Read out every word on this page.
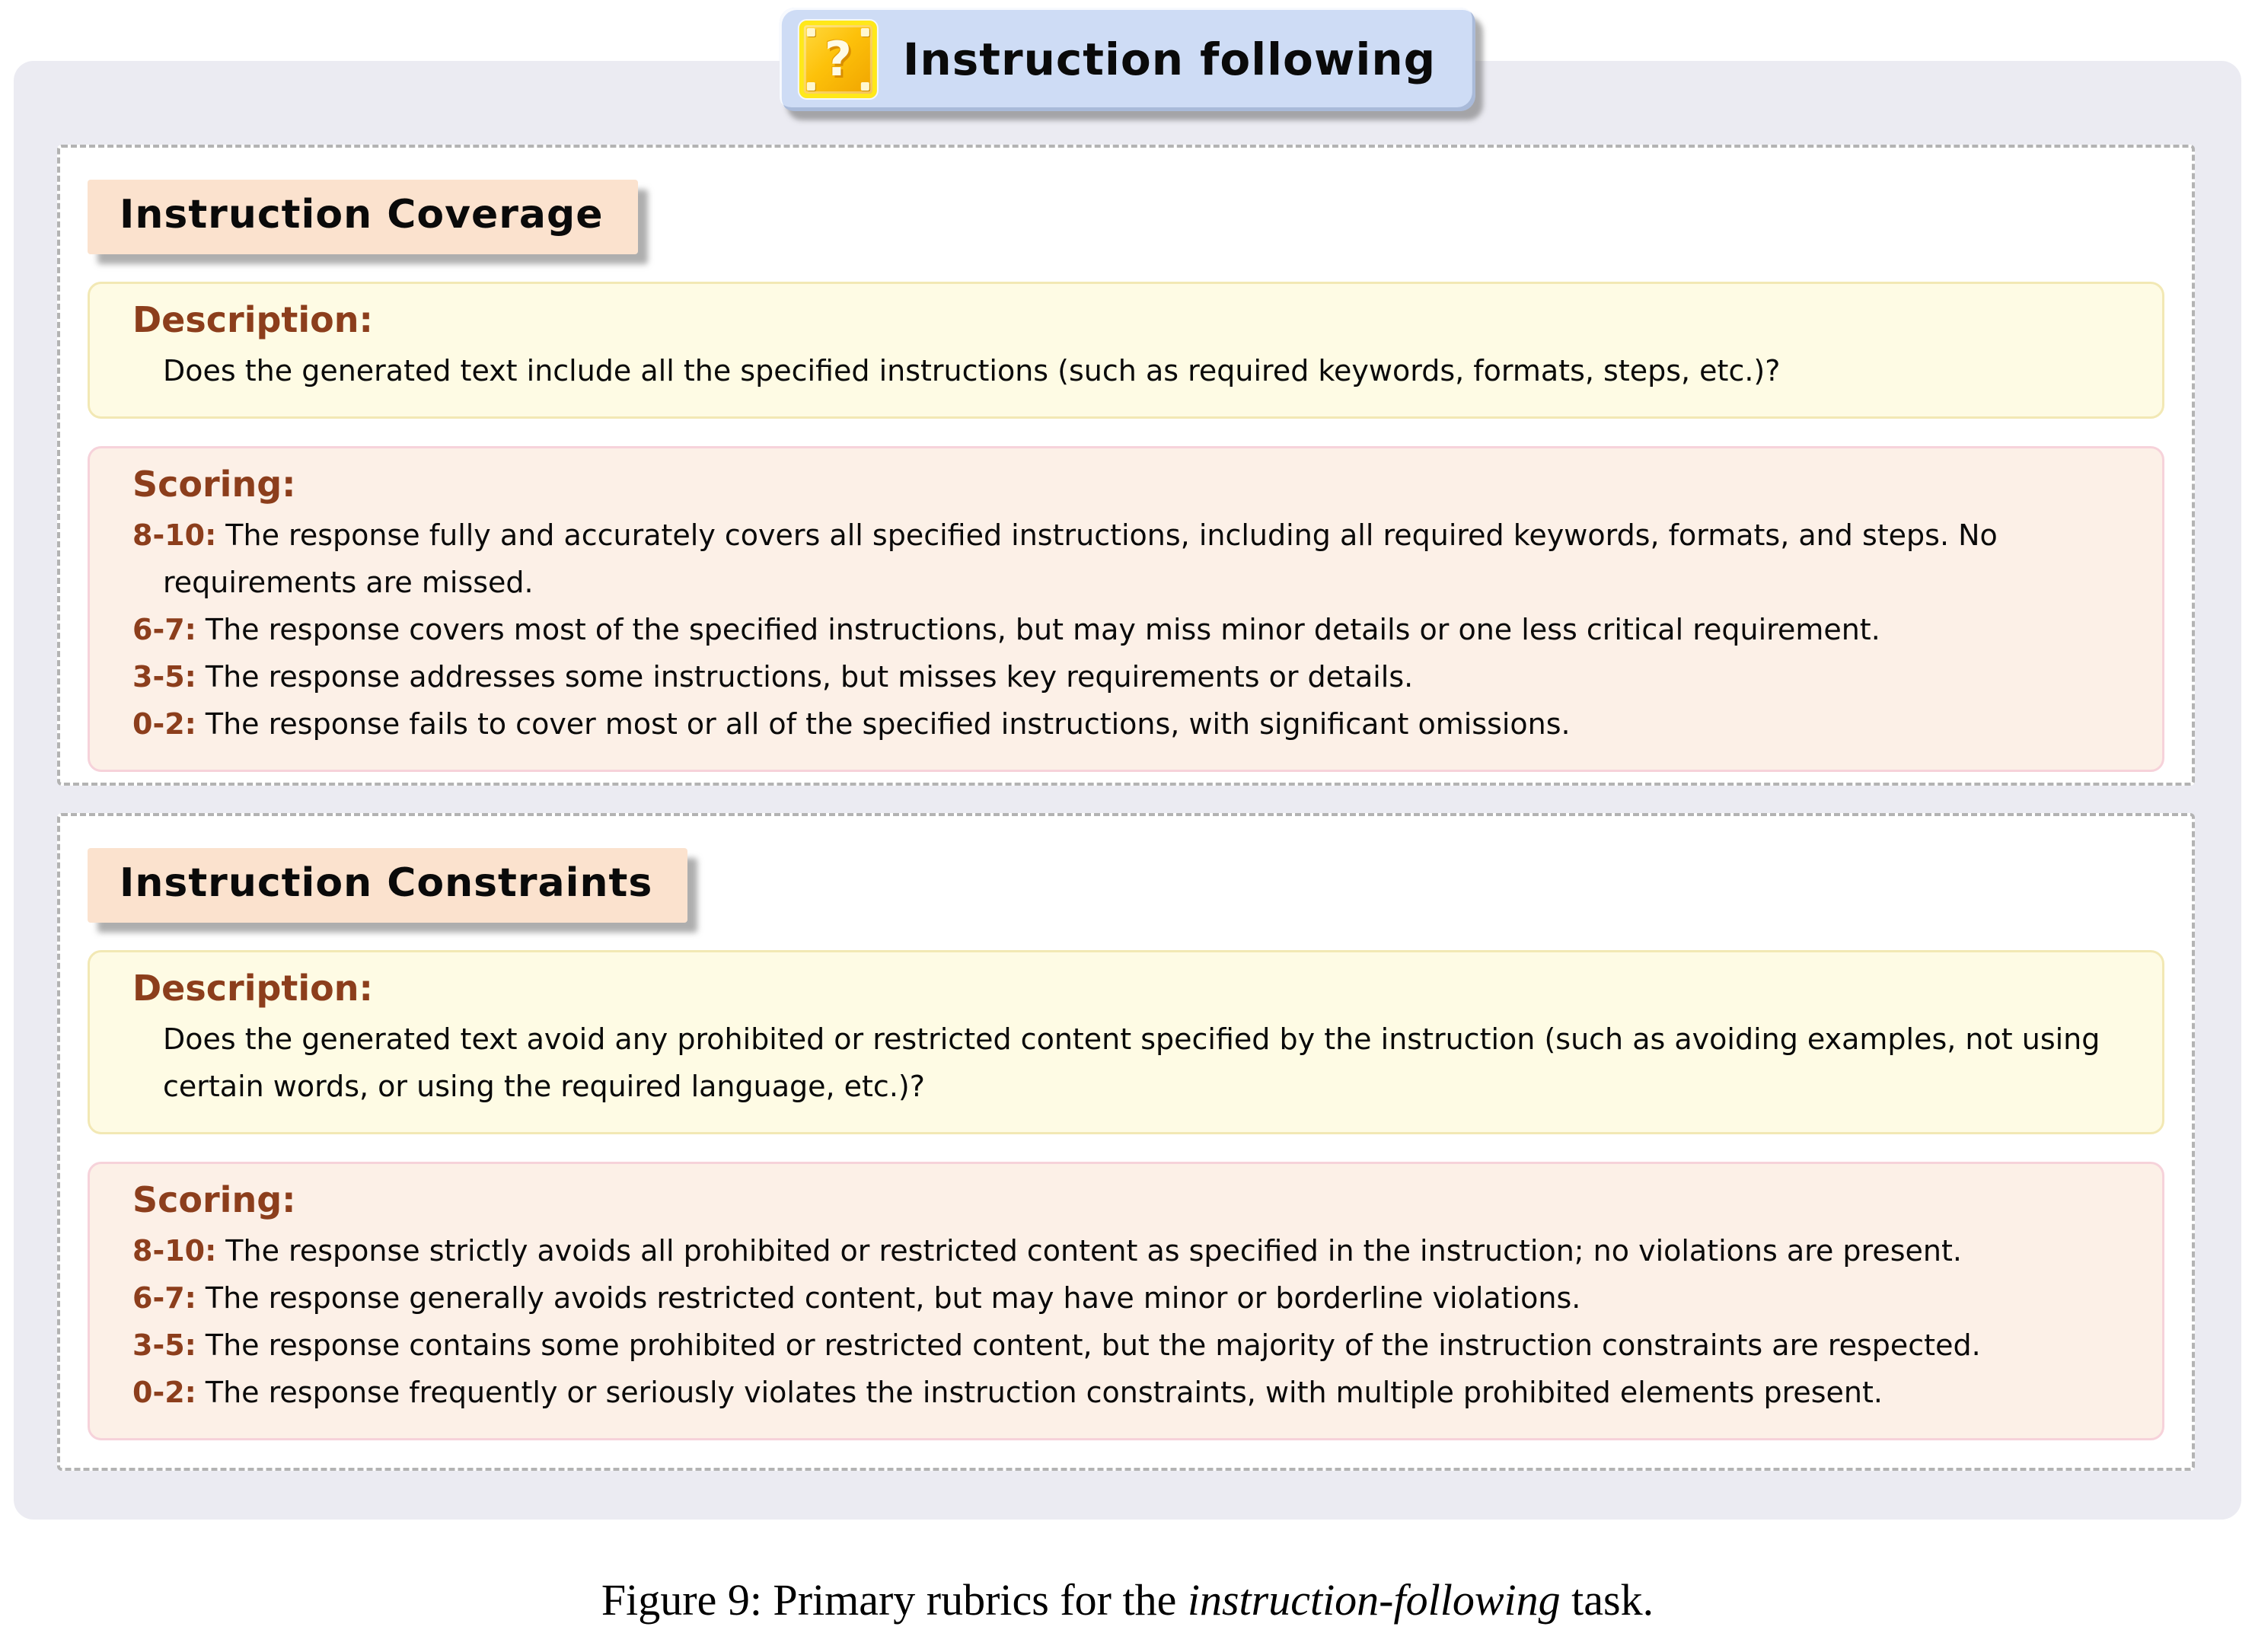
? Instruction following
Instruction Coverage
Description:

Does the generated text include all the specified instructions (such as required keywords, formats, steps, etc.)?

Scoring:

8-10: The response fully and accurately covers all specified instructions, including all required keywords, formats, and steps. No requirements are missed.

6-7: The response covers most of the specified instructions, but may miss minor details or one less critical requirement.

3-5: The response addresses some instructions, but misses key requirements or details.

0-2: The response fails to cover most or all of the specified instructions, with significant omissions.

Instruction Constraints
Description:

Does the generated text avoid any prohibited or restricted content specified by the instruction (such as avoiding examples, not using certain words, or using the required language, etc.)?

Scoring:

8-10: The response strictly avoids all prohibited or restricted content as specified in the instruction; no violations are present.

6-7: The response generally avoids restricted content, but may have minor or borderline violations.

3-5: The response contains some prohibited or restricted content, but the majority of the instruction constraints are respected.

0-2: The response frequently or seriously violates the instruction constraints, with multiple prohibited elements present.

Figure 9: Primary rubrics for the instruction-following task.
